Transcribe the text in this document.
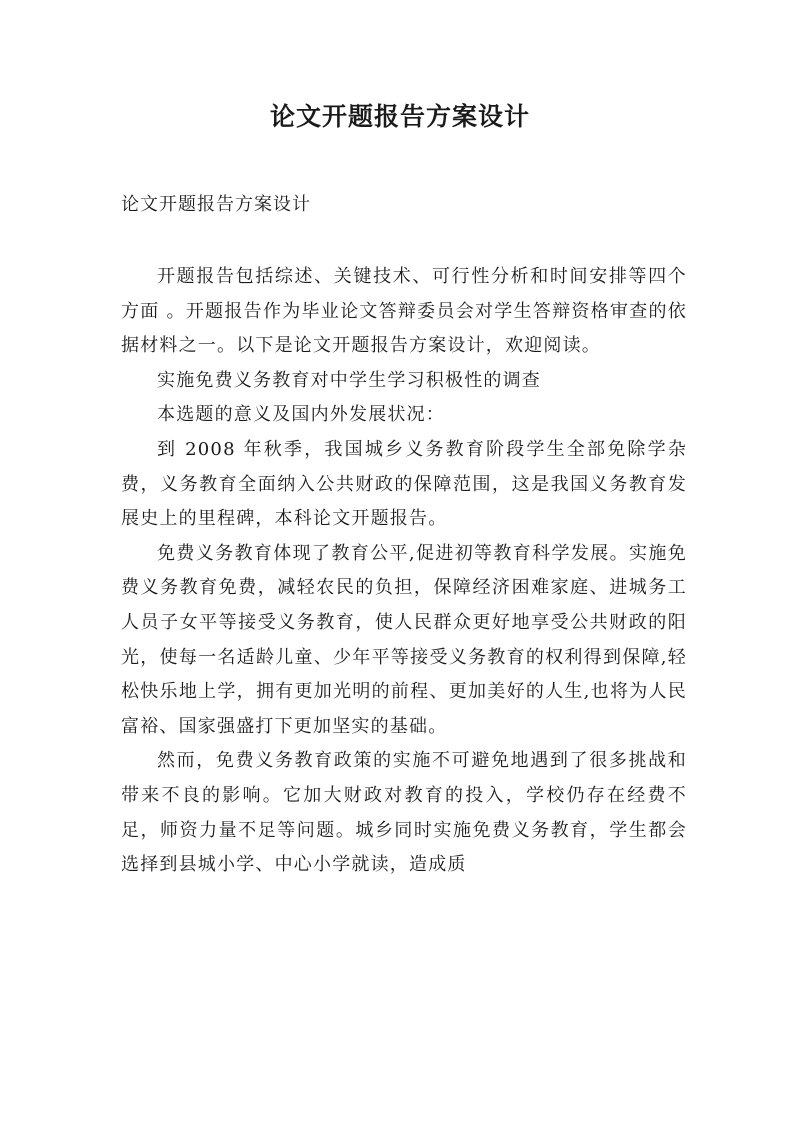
论文开题报告方案设计
论文开题报告方案设计

开题报告包括综述、关键技术、可行性分析和时间安排等四个方面 。开题报告作为毕业论文答辩委员会对学生答辩资格审查的依据材料之一。以下是论文开题报告方案设计，欢迎阅读。

实施免费义务教育对中学生学习积极性的调查

本选题的意义及国内外发展状况：

到 2008 年秋季，我国城乡义务教育阶段学生全部免除学杂费，义务教育全面纳入公共财政的保障范围，这是我国义务教育发展史上的里程碑，本科论文开题报告。

免费义务教育体现了教育公平,促进初等教育科学发展。实施免费义务教育免费，减轻农民的负担，保障经济困难家庭、进城务工人员子女平等接受义务教育，使人民群众更好地享受公共财政的阳光，使每一名适龄儿童、少年平等接受义务教育的权利得到保障,轻松快乐地上学，拥有更加光明的前程、更加美好的人生,也将为人民富裕、国家强盛打下更加坚实的基础。

然而，免费义务教育政策的实施不可避免地遇到了很多挑战和带来不良的影响。它加大财政对教育的投入，学校仍存在经费不足，师资力量不足等问题。城乡同时实施免费义务教育，学生都会选择到县城小学、中心小学就读，造成质
